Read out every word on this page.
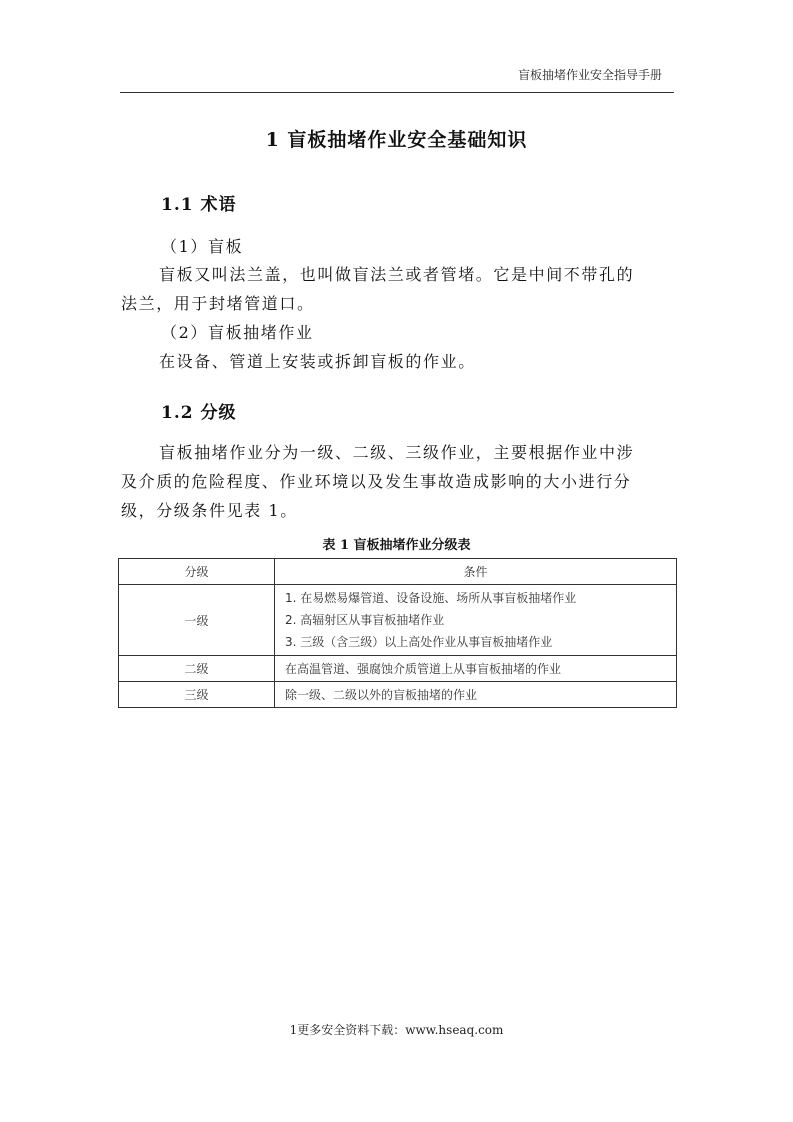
盲板抽堵作业安全指导手册
1 盲板抽堵作业安全基础知识
1.1 术语
（1）盲板
盲板又叫法兰盖，也叫做盲法兰或者管堵。它是中间不带孔的
法兰，用于封堵管道口。
（2）盲板抽堵作业
在设备、管道上安装或拆卸盲板的作业。
1.2 分级
盲板抽堵作业分为一级、二级、三级作业，主要根据作业中涉
及介质的危险程度、作业环境以及发生事故造成影响的大小进行分
级，分级条件见表 1。
表 1 盲板抽堵作业分级表
分级	条件
一级	1. 在易燃易爆管道、设备设施、场所从事盲板抽堵作业
2. 高辐射区从事盲板抽堵作业
3. 三级（含三级）以上高处作业从事盲板抽堵作业

二级	在高温管道、强腐蚀介质管道上从事盲板抽堵的作业

三级	除一级、二级以外的盲板抽堵的作业
1更多安全资料下载：www.hseaq.com
